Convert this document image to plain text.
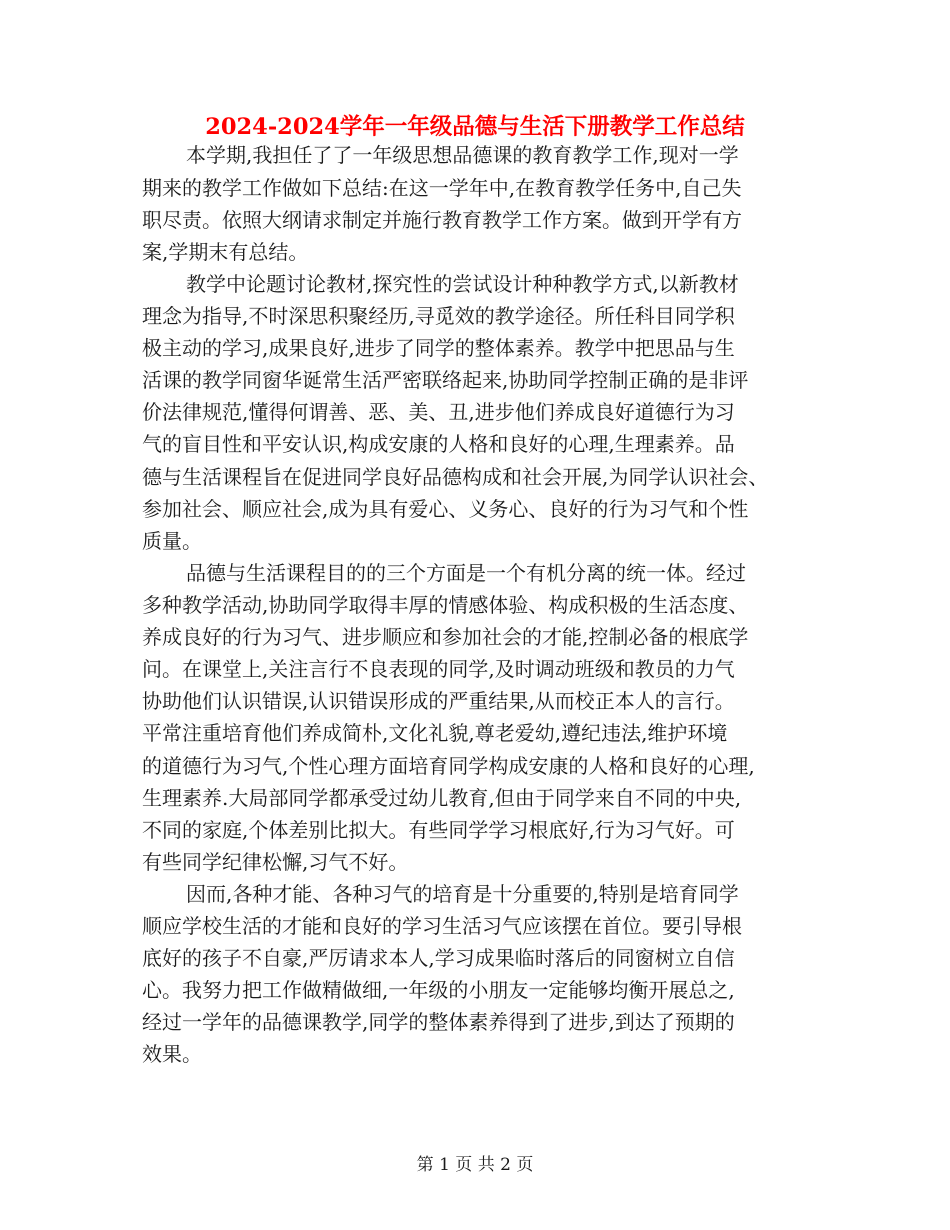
2024-2024学年一年级品德与生活下册教学工作总结
本学期,我担任了了一年级思想品德课的教育教学工作,现对一学
期来的教学工作做如下总结:在这一学年中,在教育教学任务中,自己失
职尽责。依照大纲请求制定并施行教育教学工作方案。做到开学有方
案,学期末有总结。
教学中论题讨论教材,探究性的尝试设计种种教学方式,以新教材
理念为指导,不时深思积聚经历,寻觅效的教学途径。所任科目同学积
极主动的学习,成果良好,进步了同学的整体素养。教学中把思品与生
活课的教学同窗华诞常生活严密联络起来,协助同学控制正确的是非评
价法律规范,懂得何谓善、恶、美、丑,进步他们养成良好道德行为习
气的盲目性和平安认识,构成安康的人格和良好的心理,生理素养。品
德与生活课程旨在促进同学良好品德构成和社会开展,为同学认识社会、
参加社会、顺应社会,成为具有爱心、义务心、良好的行为习气和个性
质量。
品德与生活课程目的的三个方面是一个有机分离的统一体。经过
多种教学活动,协助同学取得丰厚的情感体验、构成积极的生活态度、
养成良好的行为习气、进步顺应和参加社会的才能,控制必备的根底学
问。在课堂上,关注言行不良表现的同学,及时调动班级和教员的力气
协助他们认识错误,认识错误形成的严重结果,从而校正本人的言行。
平常注重培育他们养成简朴,文化礼貌,尊老爱幼,遵纪违法,维护环境
的道德行为习气,个性心理方面培育同学构成安康的人格和良好的心理,
生理素养.大局部同学都承受过幼儿教育,但由于同学来自不同的中央,
不同的家庭,个体差别比拟大。有些同学学习根底好,行为习气好。可
有些同学纪律松懈,习气不好。
因而,各种才能、各种习气的培育是十分重要的,特别是培育同学
顺应学校生活的才能和良好的学习生活习气应该摆在首位。要引导根
底好的孩子不自豪,严厉请求本人,学习成果临时落后的同窗树立自信
心。我努力把工作做精做细,一年级的小朋友一定能够均衡开展总之,
经过一学年的品德课教学,同学的整体素养得到了进步,到达了预期的
效果。
第 1 页 共 2 页
